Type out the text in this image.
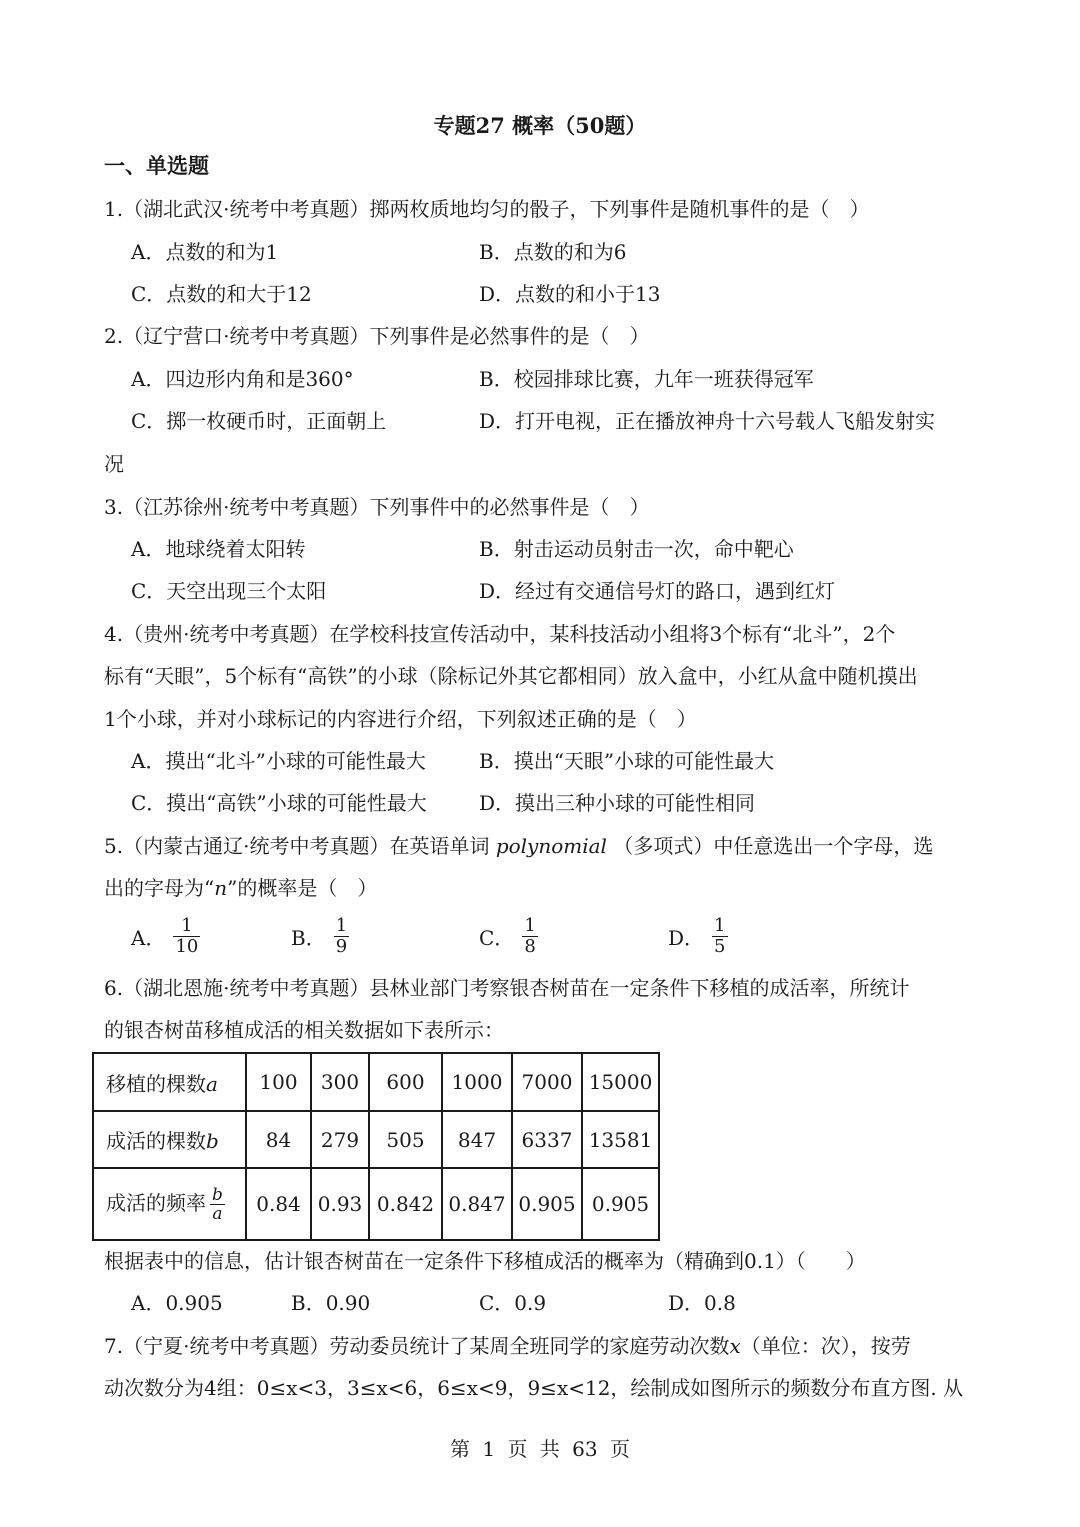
专题27 概率（50题）
一、单选题
1.（湖北武汉·统考中考真题）掷两枚质地均匀的骰子，下列事件是随机事件的是（　）
A．点数的和为1	B．点数的和为6
C．点数的和大于12	D．点数的和小于13
2.（辽宁营口·统考中考真题）下列事件是必然事件的是（　）
A．四边形内角和是360°	B．校园排球比赛，九年一班获得冠军
C．掷一枚硬币时，正面朝上	D．打开电视，正在播放神舟十六号载人飞船发射实
况
3.（江苏徐州·统考中考真题）下列事件中的必然事件是（　）
A．地球绕着太阳转	B．射击运动员射击一次，命中靶心
C．天空出现三个太阳	D．经过有交通信号灯的路口，遇到红灯
4.（贵州·统考中考真题）在学校科技宣传活动中，某科技活动小组将3个标有“北斗”，2个
标有“天眼”，5个标有“高铁”的小球（除标记外其它都相同）放入盒中，小红从盒中随机摸出
1个小球，并对小球标记的内容进行介绍，下列叙述正确的是（　）
A．摸出“北斗”小球的可能性最大	B．摸出“天眼”小球的可能性最大
C．摸出“高铁”小球的可能性最大	D．摸出三种小球的可能性相同
5.（内蒙古通辽·统考中考真题）在英语单词 polynomial （多项式）中任意选出一个字母，选
出的字母为“n”的概率是（　）
A． $\frac{1}{10}$	B． $\frac{1}{9}$	C． $\frac{1}{8}$	D． $\frac{1}{5}$
6.（湖北恩施·统考中考真题）县林业部门考察银杏树苗在一定条件下移植的成活率，所统计
的银杏树苗移植成活的相关数据如下表所示：
移植的棵数a	100	300	600	1000	7000	15000
成活的棵数b	84	279	505	847	6337	13581
成活的频率 $\frac{b}{a}$	0.84	0.93	0.842	0.847	0.905	0.905
根据表中的信息，估计银杏树苗在一定条件下移植成活的概率为（精确到0.1）（　　）
A．0.905	B．0.90	C．0.9	D．0.8
7.（宁夏·统考中考真题）劳动委员统计了某周全班同学的家庭劳动次数x（单位：次），按劳
动次数分为4组：0≤x<3，3≤x<6，6≤x<9，9≤x<12，绘制成如图所示的频数分布直方图. 从
第 1 页 共 63 页
